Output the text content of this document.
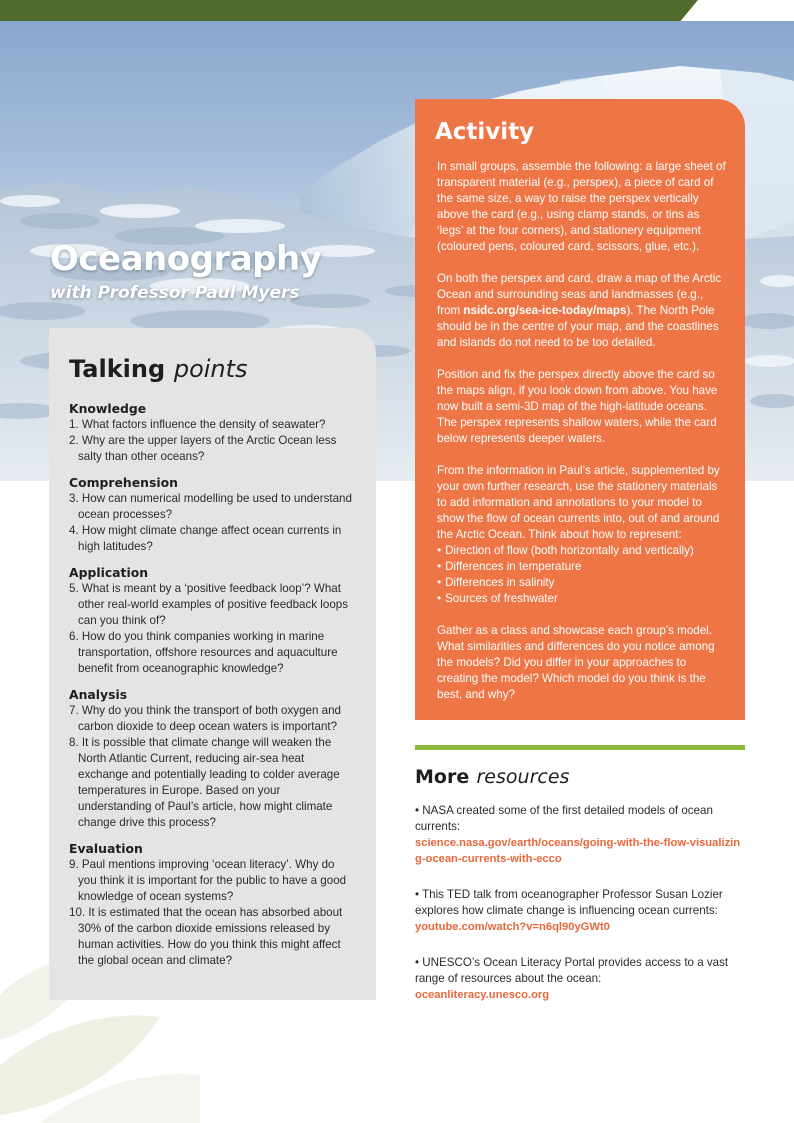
Oceanography

with Professor Paul Myers

Talking points
Knowledge
1. What factors influence the density of seawater?
2. Why are the upper layers of the Arctic Ocean less salty than other oceans?
Comprehension
3. How can numerical modelling be used to understand ocean processes?
4. How might climate change affect ocean currents in high latitudes?
Application
5. What is meant by a ‘positive feedback loop’? What other real-world examples of positive feedback loops can you think of?
6. How do you think companies working in marine transportation, offshore resources and aquaculture benefit from oceanographic knowledge?
Analysis
7. Why do you think the transport of both oxygen and carbon dioxide to deep ocean waters is important?
8. It is possible that climate change will weaken the North Atlantic Current, reducing air-sea heat exchange and potentially leading to colder average temperatures in Europe. Based on your understanding of Paul’s article, how might climate change drive this process?
Evaluation
9. Paul mentions improving ‘ocean literacy’. Why do you think it is important for the public to have a good knowledge of ocean systems?
10. It is estimated that the ocean has absorbed about 30% of the carbon dioxide emissions released by human activities. How do you think this might affect the global ocean and climate?
Activity

In small groups, assemble the following: a large sheet of transparent material (e.g., perspex), a piece of card of the same size, a way to raise the perspex vertically above the card (e.g., using clamp stands, or tins as ‘legs’ at the four corners), and stationery equipment (coloured pens, coloured card, scissors, glue, etc.).

On both the perspex and card, draw a map of the Arctic Ocean and surrounding seas and landmasses (e.g., from nsidc.org/sea-ice-today/maps). The North Pole should be in the centre of your map, and the coastlines and islands do not need to be too detailed.

Position and fix the perspex directly above the card so the maps align, if you look down from above. You have now built a semi-3D map of the high-latitude oceans. The perspex represents shallow waters, while the card below represents deeper waters.

From the information in Paul’s article, supplemented by your own further research, use the stationery materials to add information and annotations to your model to show the flow of ocean currents into, out of and around the Arctic Ocean. Think about how to represent:

• Direction of flow (both horizontally and vertically)
• Differences in temperature
• Differences in salinity
• Sources of freshwater

Gather as a class and showcase each group’s model. What similarities and differences do you notice among the models? Did you differ in your approaches to creating the model? Which model do you think is the best, and why?

More resources

• NASA created some of the first detailed models of ocean currents:

science.nasa.gov/earth/oceans/going-with-the-flow-visualizing-ocean-currents-with-ecco

• This TED talk from oceanographer Professor Susan Lozier explores how climate change is influencing ocean currents:

youtube.com/watch?v=n6ql90yGWt0

• UNESCO’s Ocean Literacy Portal provides access to a vast range of resources about the ocean:

oceanliteracy.unesco.org
